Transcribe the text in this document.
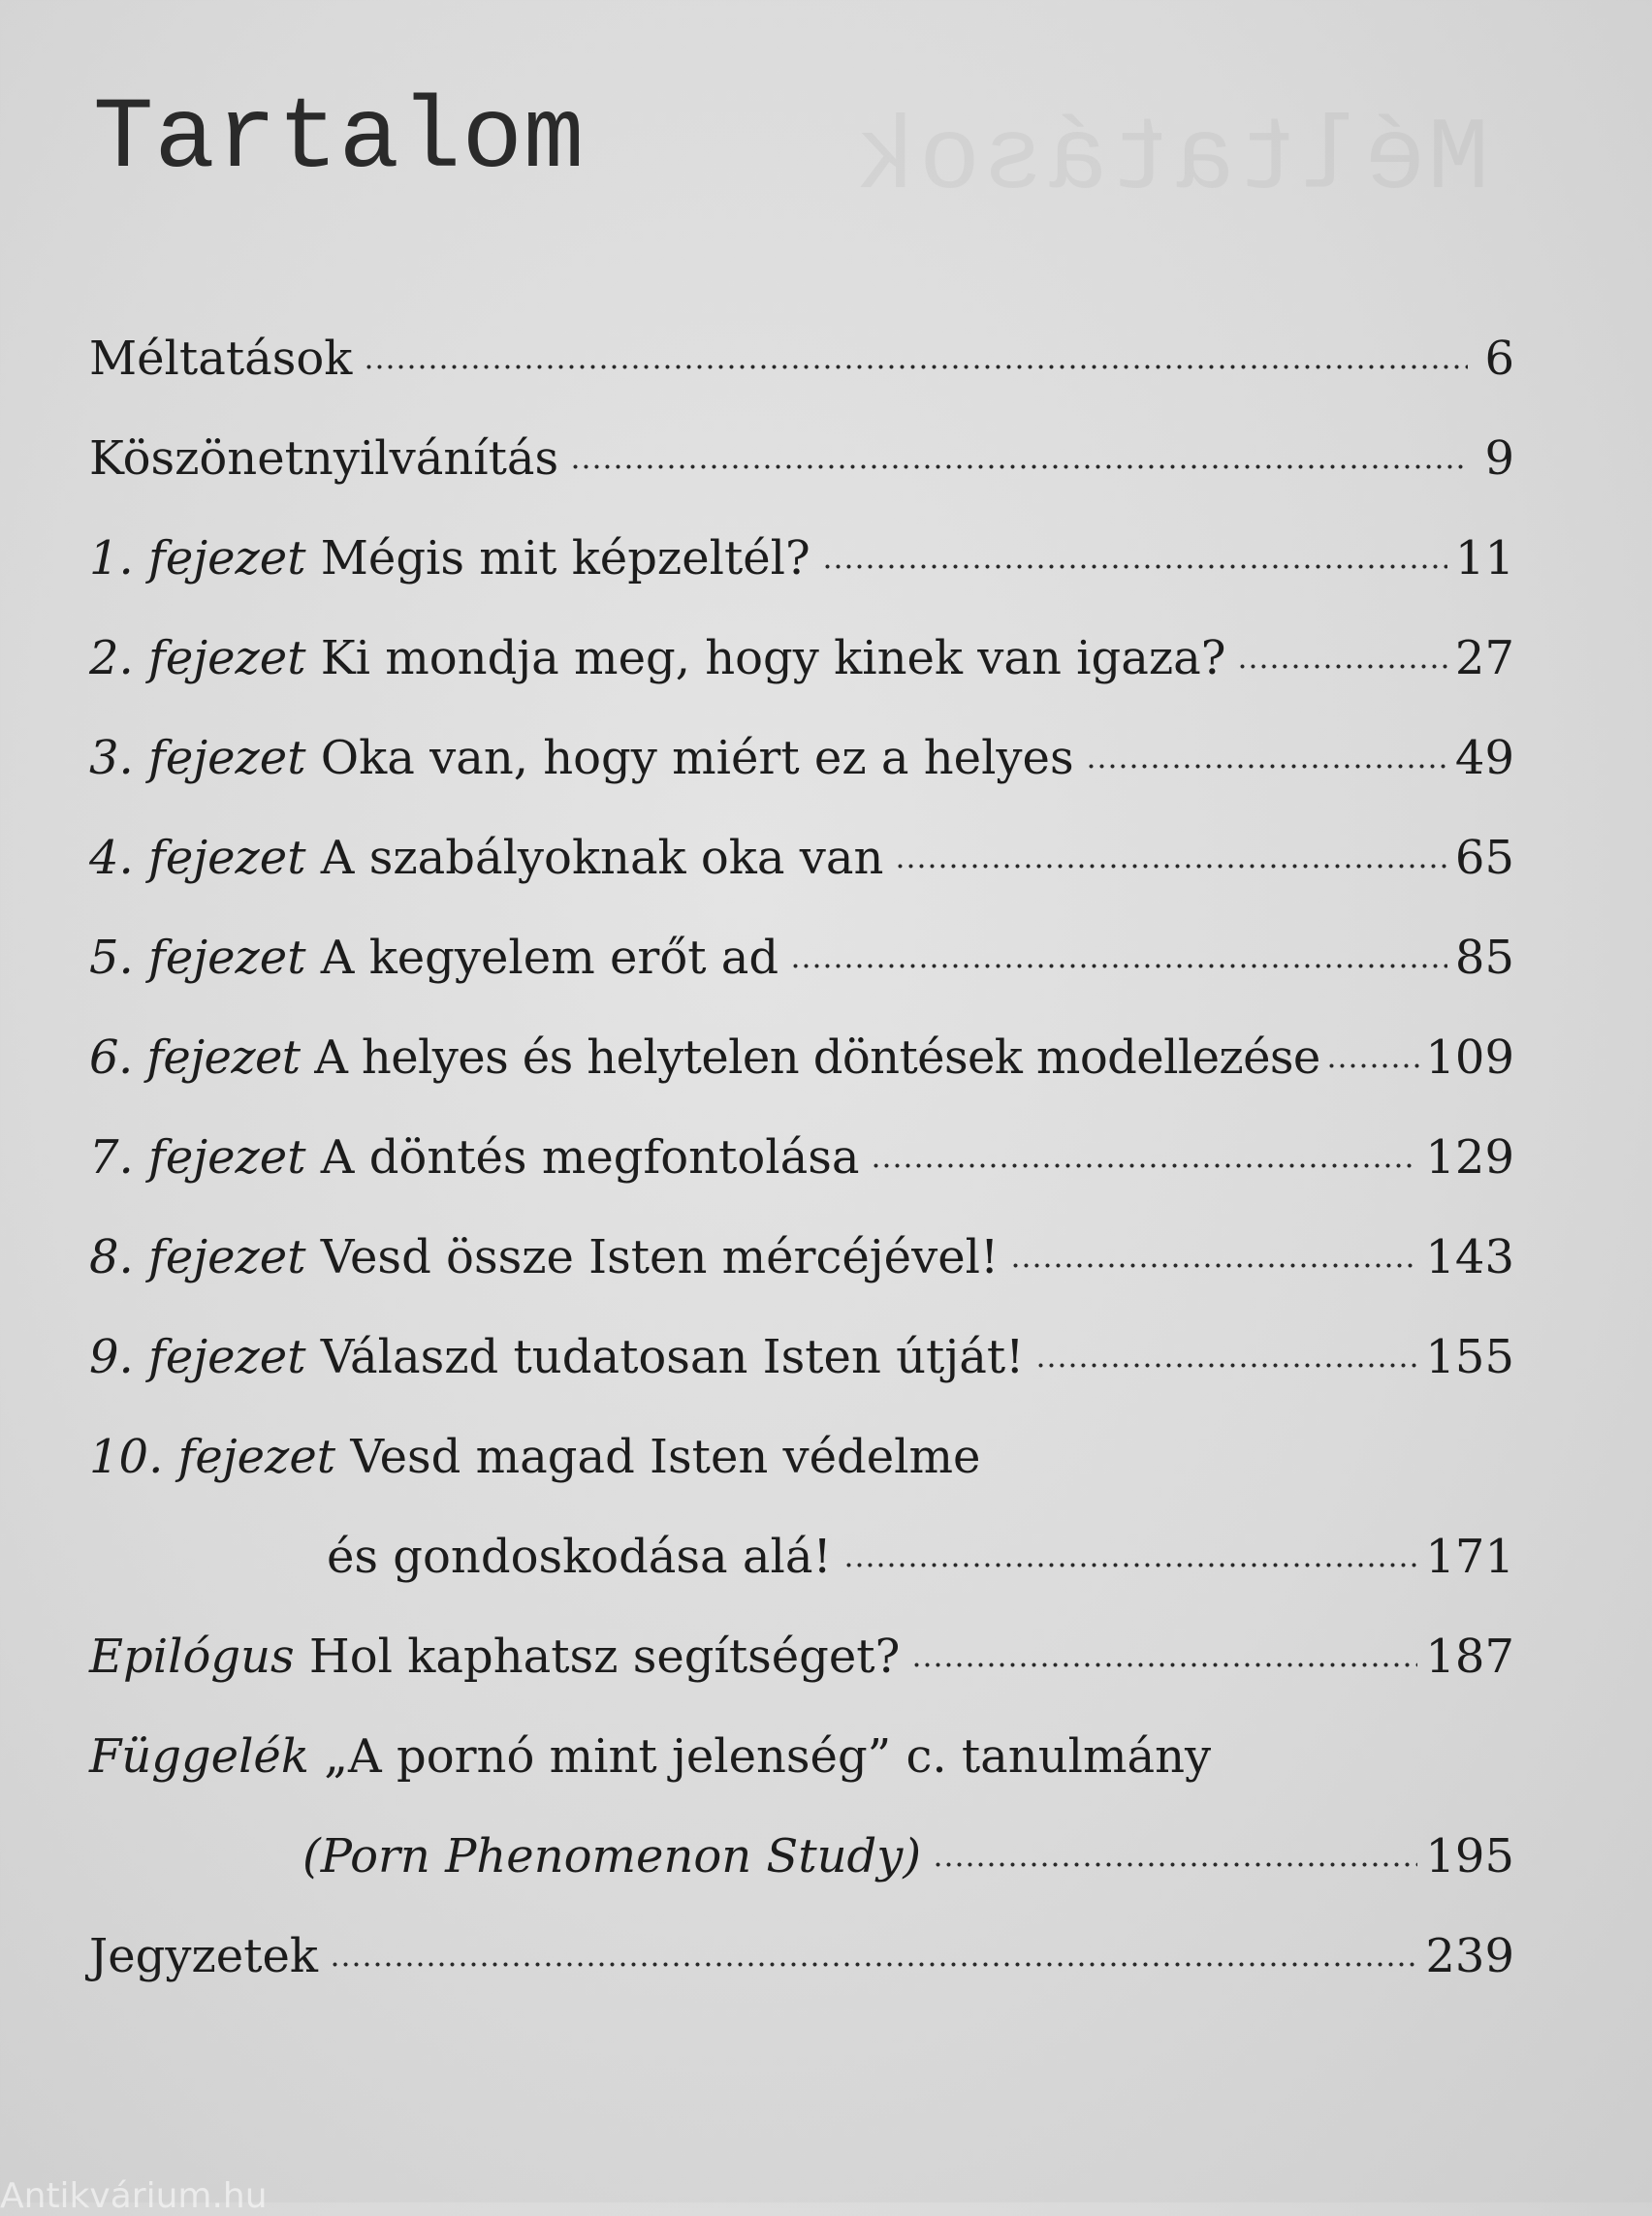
Tartalom
Méltatások	6
Köszönetnyilvánítás	9
1. fejezet Mégis mit képzeltél?	11
2. fejezet Ki mondja meg, hogy kinek van igaza?	27
3. fejezet Oka van, hogy miért ez a helyes	49
4. fejezet A szabályoknak oka van	65
5. fejezet A kegyelem erőt ad	85
6. fejezet A helyes és helytelen döntések modellezése 109
7. fejezet A döntés megfontolása	129
8. fejezet Vesd össze Isten mércéjével!	143
9. fejezet Válaszd tudatosan Isten útját!	155
10. fejezet Vesd magad Isten védelme
és gondoskodása alá!	171
Epilógus Hol kaphatsz segítséget?	187
Függelék „A pornó mint jelenség” c. tanulmány
(Porn Phenomenon Study)	195
Jegyzetek	239
Antikvárium.hu
